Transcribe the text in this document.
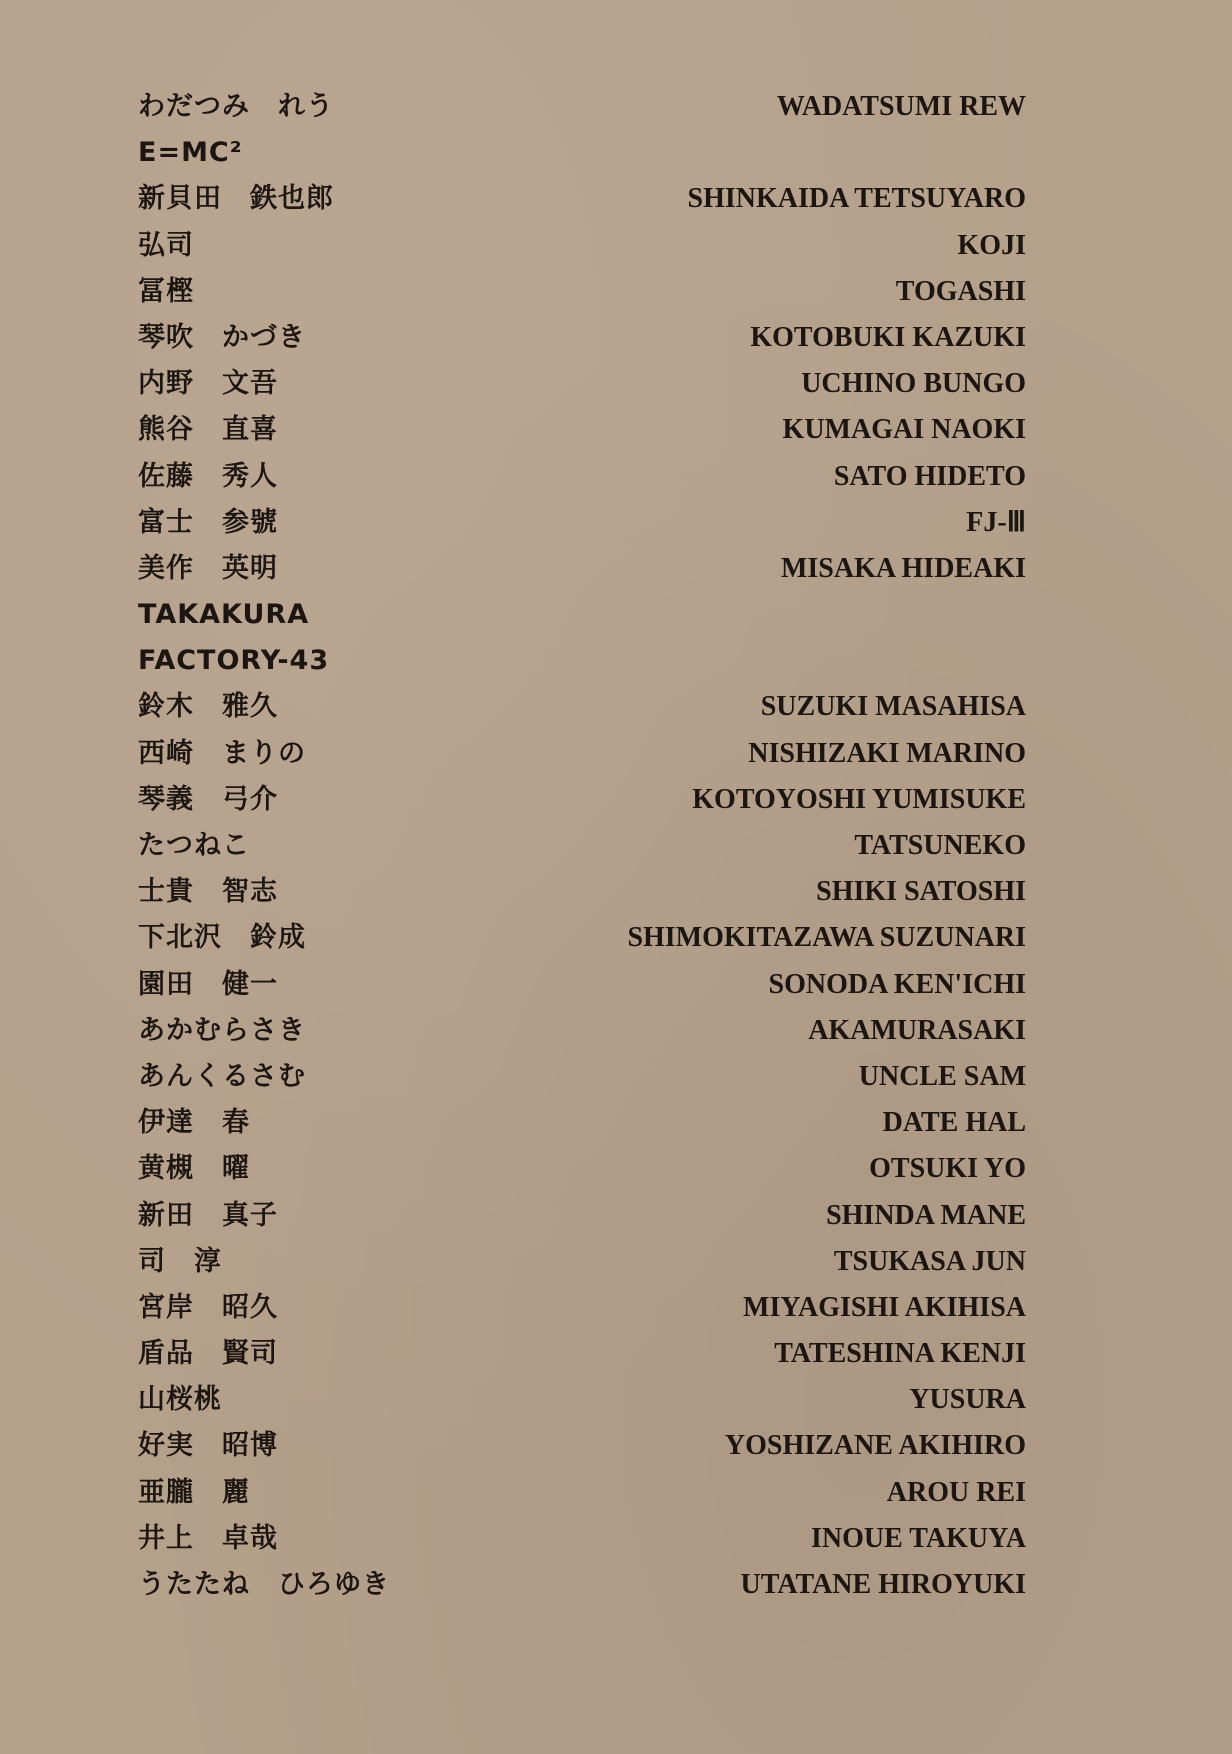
わだつみ　れう	WADATSUMI REW
E=MC²
新貝田　鉄也郎	SHINKAIDA TETSUYARO
弘司	KOJI
冨樫	TOGASHI
琴吹　かづき	KOTOBUKI KAZUKI
内野　文吾	UCHINO BUNGO
熊谷　直喜	KUMAGAI NAOKI
佐藤　秀人	SATO HIDETO
富士　参號	FJ-Ⅲ
美作　英明	MISAKA HIDEAKI
TAKAKURA
FACTORY-43
鈴木　雅久	SUZUKI MASAHISA
西崎　まりの	NISHIZAKI MARINO
琴義　弓介	KOTOYOSHI YUMISUKE
たつねこ	TATSUNEKO
士貴　智志	SHIKI SATOSHI
下北沢　鈴成	SHIMOKITAZAWA SUZUNARI
園田　健一	SONODA KEN'ICHI
あかむらさき	AKAMURASAKI
あんくるさむ	UNCLE SAM
伊達　春	DATE HAL
黄槻　曜	OTSUKI YO
新田　真子	SHINDA MANE
司　淳	TSUKASA JUN
宮岸　昭久	MIYAGISHI AKIHISA
盾品　賢司	TATESHINA KENJI
山桜桃	YUSURA
好実　昭博	YOSHIZANE AKIHIRO
亜朧　麗	AROU REI
井上　卓哉	INOUE TAKUYA
うたたね　ひろゆき	UTATANE HIROYUKI
